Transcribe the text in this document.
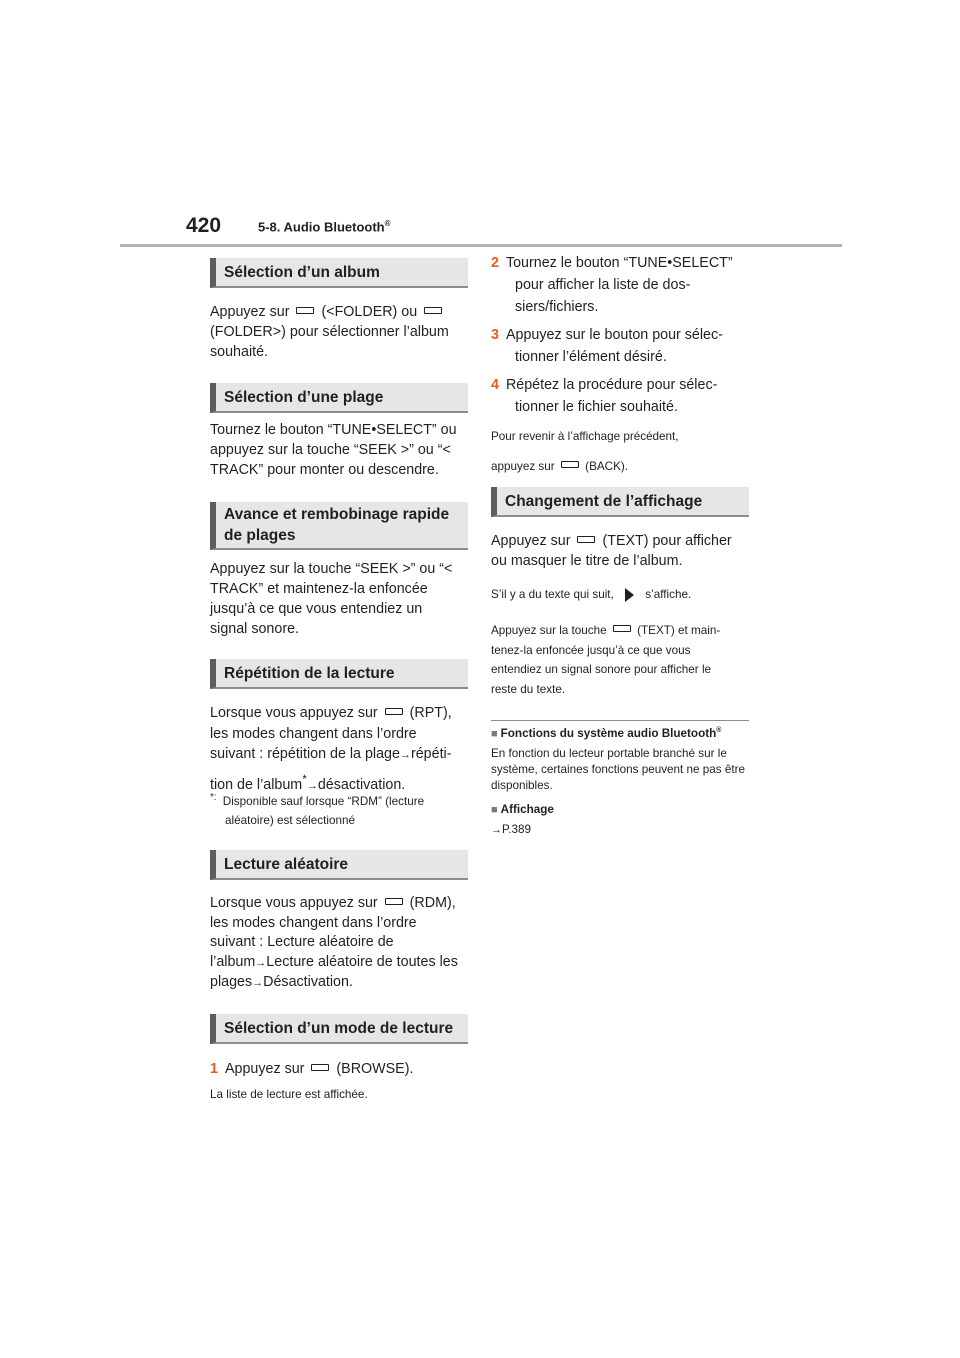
420	5-8. Audio Bluetooth®
Sélection d’un album
Appuyez sur (<FOLDER) ou  (FOLDER>) pour sélectionner l’album souhaité.
Sélection d’une plage
Tournez le bouton “TUNE•SELECT” ou appuyez sur la touche “SEEK >” ou “< TRACK” pour monter ou descendre.
Avance et rembobinage rapide
de plages
Appuyez sur la touche “SEEK >” ou “< TRACK” et maintenez-la enfoncée jusqu’à ce que vous entendiez un signal sonore.
Répétition de la lecture
Lorsque vous appuyez sur (RPT),
les modes changent dans l’ordre
suivant : répétition de la plage→répéti-
tion de l’album*→désactivation.
*: Disponible sauf lorsque “RDM” (lecture
aléatoire) est sélectionné
Lecture aléatoire
Lorsque vous appuyez sur (RDM),
les modes changent dans l’ordre
suivant : Lecture aléatoire de
l’album→Lecture aléatoire de toutes les
plages→Désactivation.
Sélection d’un mode de lecture
1 Appuyez sur (BROWSE).
La liste de lecture est affichée.
2 Tournez le bouton “TUNE•SELECT”
pour afficher la liste de dos-
siers/fichiers.
3 Appuyez sur le bouton pour sélec-
tionner l’élément désiré.
4 Répétez la procédure pour sélec-
tionner le fichier souhaité.
Pour revenir à l’affichage précédent,
appuyez sur	(BACK).
Changement de l’affichage
Appuyez sur (TEXT) pour afficher
ou masquer le titre de l’album.
S’il y a du texte qui suit,	s’affiche.
Appuyez sur la touche	(TEXT) et main-
tenez-la enfoncée jusqu’à ce que vous
entendiez un signal sonore pour afficher le
reste du texte.
■ Fonctions du système audio Bluetooth®
En fonction du lecteur portable branché sur le système, certaines fonctions peuvent ne pas être disponibles.
■ Affichage
→P.389
